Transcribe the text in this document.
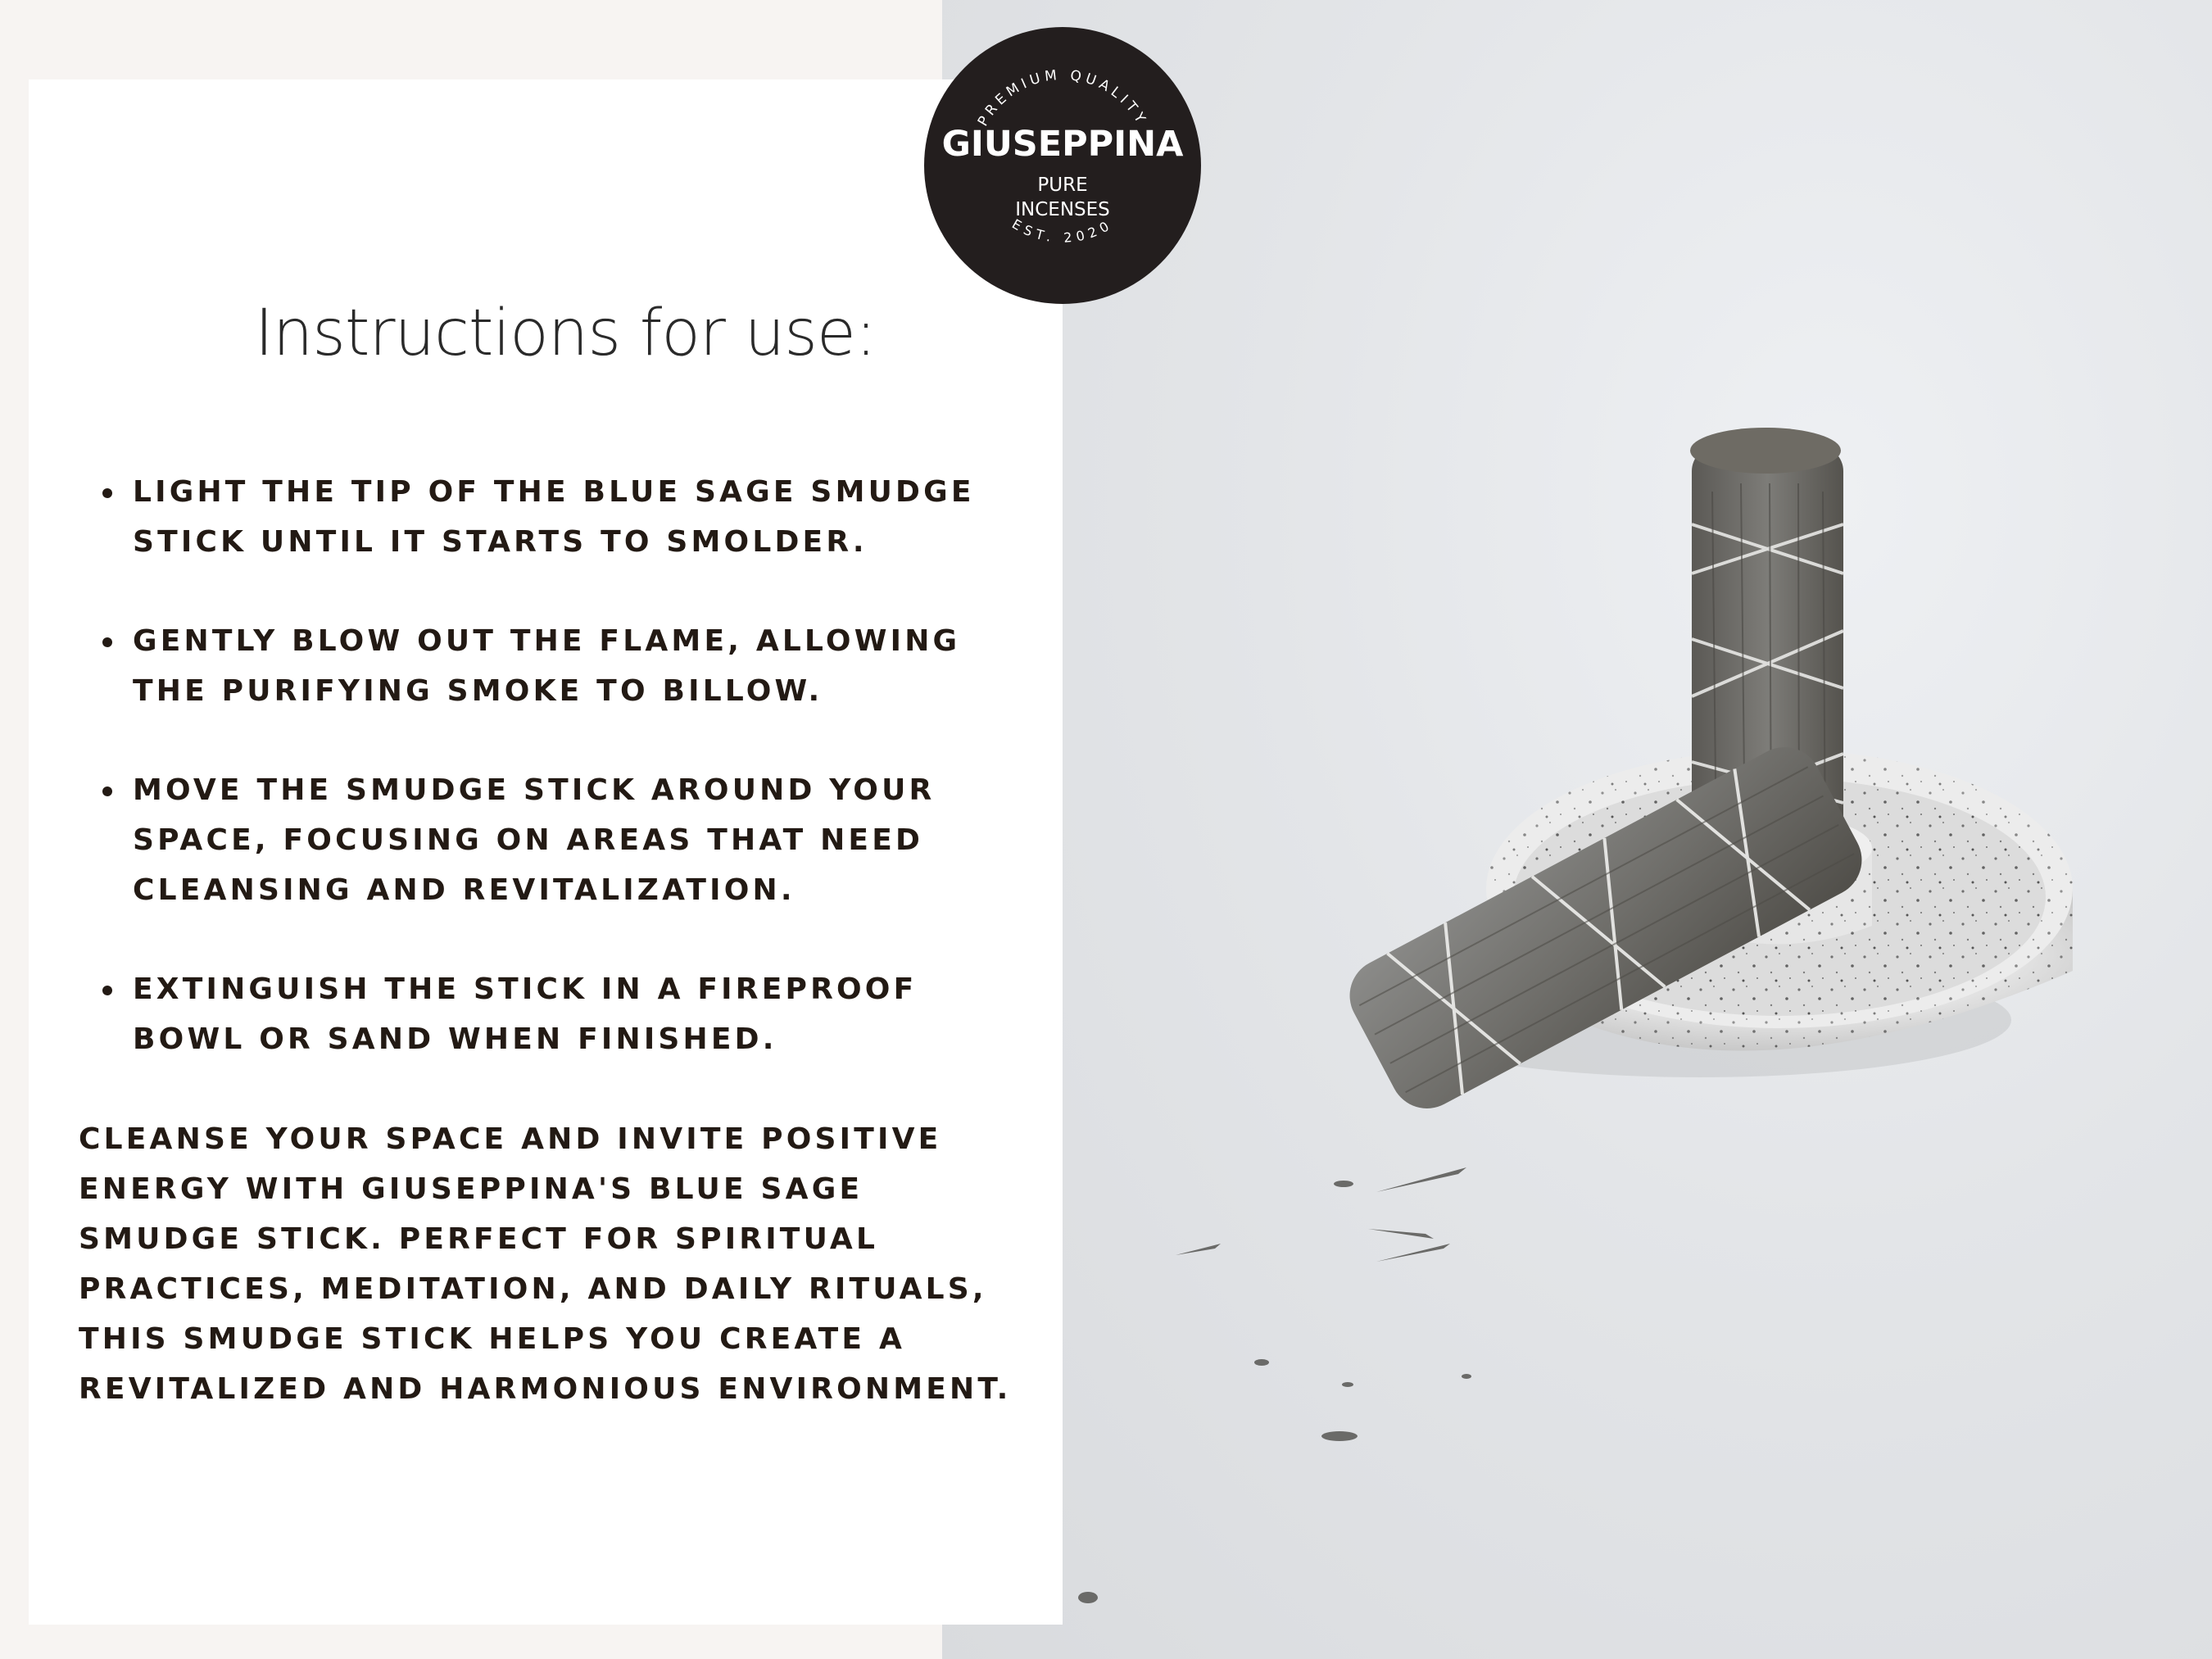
PREMIUM QUALITY
GIUSEPPINA
PURE
INCENSES
EST. 2020
Instructions for use:
LIGHT THE TIP OF THE BLUE SAGE SMUDGE STICK UNTIL IT STARTS TO SMOLDER.
GENTLY BLOW OUT THE FLAME, ALLOWING THE PURIFYING SMOKE TO BILLOW.
MOVE THE SMUDGE STICK AROUND YOUR SPACE, FOCUSING ON AREAS THAT NEED CLEANSING AND REVITALIZATION.
EXTINGUISH THE STICK IN A FIREPROOF BOWL OR SAND WHEN FINISHED.

CLEANSE YOUR SPACE AND INVITE POSITIVE ENERGY WITH GIUSEPPINA'S BLUE SAGE SMUDGE STICK. PERFECT FOR SPIRITUAL PRACTICES, MEDITATION, AND DAILY RITUALS, THIS SMUDGE STICK HELPS YOU CREATE A REVITALIZED AND HARMONIOUS ENVIRONMENT.
